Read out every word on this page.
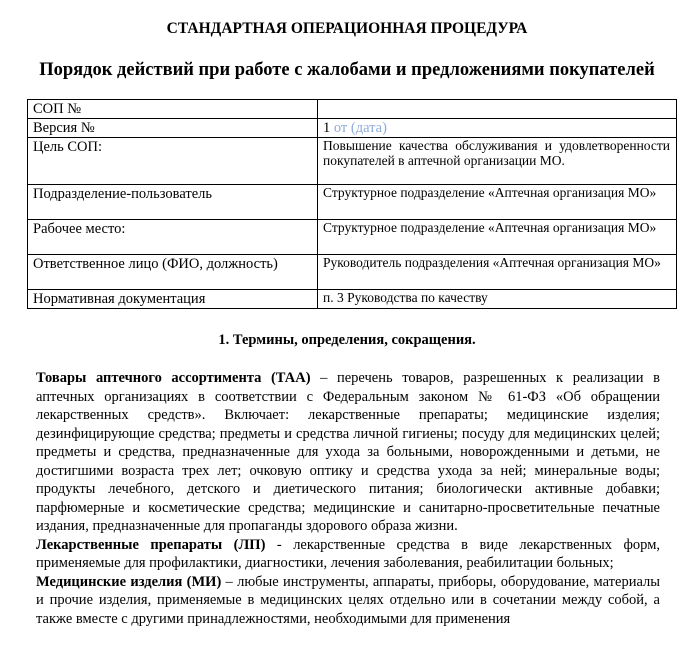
СТАНДАРТНАЯ ОПЕРАЦИОННАЯ ПРОЦЕДУРА
Порядок действий при работе с жалобами и предложениями покупателей
СОП №	
Версия №	1 от (дата)
Цель СОП:	Повышение качества обслуживания и удовлетворенности покупателей в аптечной организации МО.
Подразделение-пользователь	Структурное подразделение «Аптечная организация МО»
Рабочее место:	Структурное подразделение «Аптечная организация МО»
Ответственное лицо (ФИО, должность)	Руководитель подразделения «Аптечная организация МО»
Нормативная документация	п. 3 Руководства по качеству
1. Термины, определения, сокращения.

Товары аптечного ассортимента (ТАА) – перечень товаров, разрешенных к реализации в аптечных организациях в соответствии с Федеральным законом № 61-ФЗ «Об обращении лекарственных средств». Включает: лекарственные препараты; медицинские изделия; дезинфицирующие средства; предметы и средства личной гигиены; посуду для медицинских целей; предметы и средства, предназначенные для ухода за больными, новорожденными и детьми, не достигшими возраста трех лет; очковую оптику и средства ухода за ней; минеральные воды; продукты лечебного, детского и диетического питания; биологически активные добавки; парфюмерные и косметические средства; медицинские и санитарно-просветительные печатные издания, предназначенные для пропаганды здорового образа жизни.

Лекарственные препараты (ЛП) - лекарственные средства в виде лекарственных форм, применяемые для профилактики, диагностики, лечения заболевания, реабилитации больных;

Медицинские изделия (МИ) – любые инструменты, аппараты, приборы, оборудование, материалы и прочие изделия, применяемые в медицинских целях отдельно или в сочетании между собой, а также вместе с другими принадлежностями, необходимыми для применения
